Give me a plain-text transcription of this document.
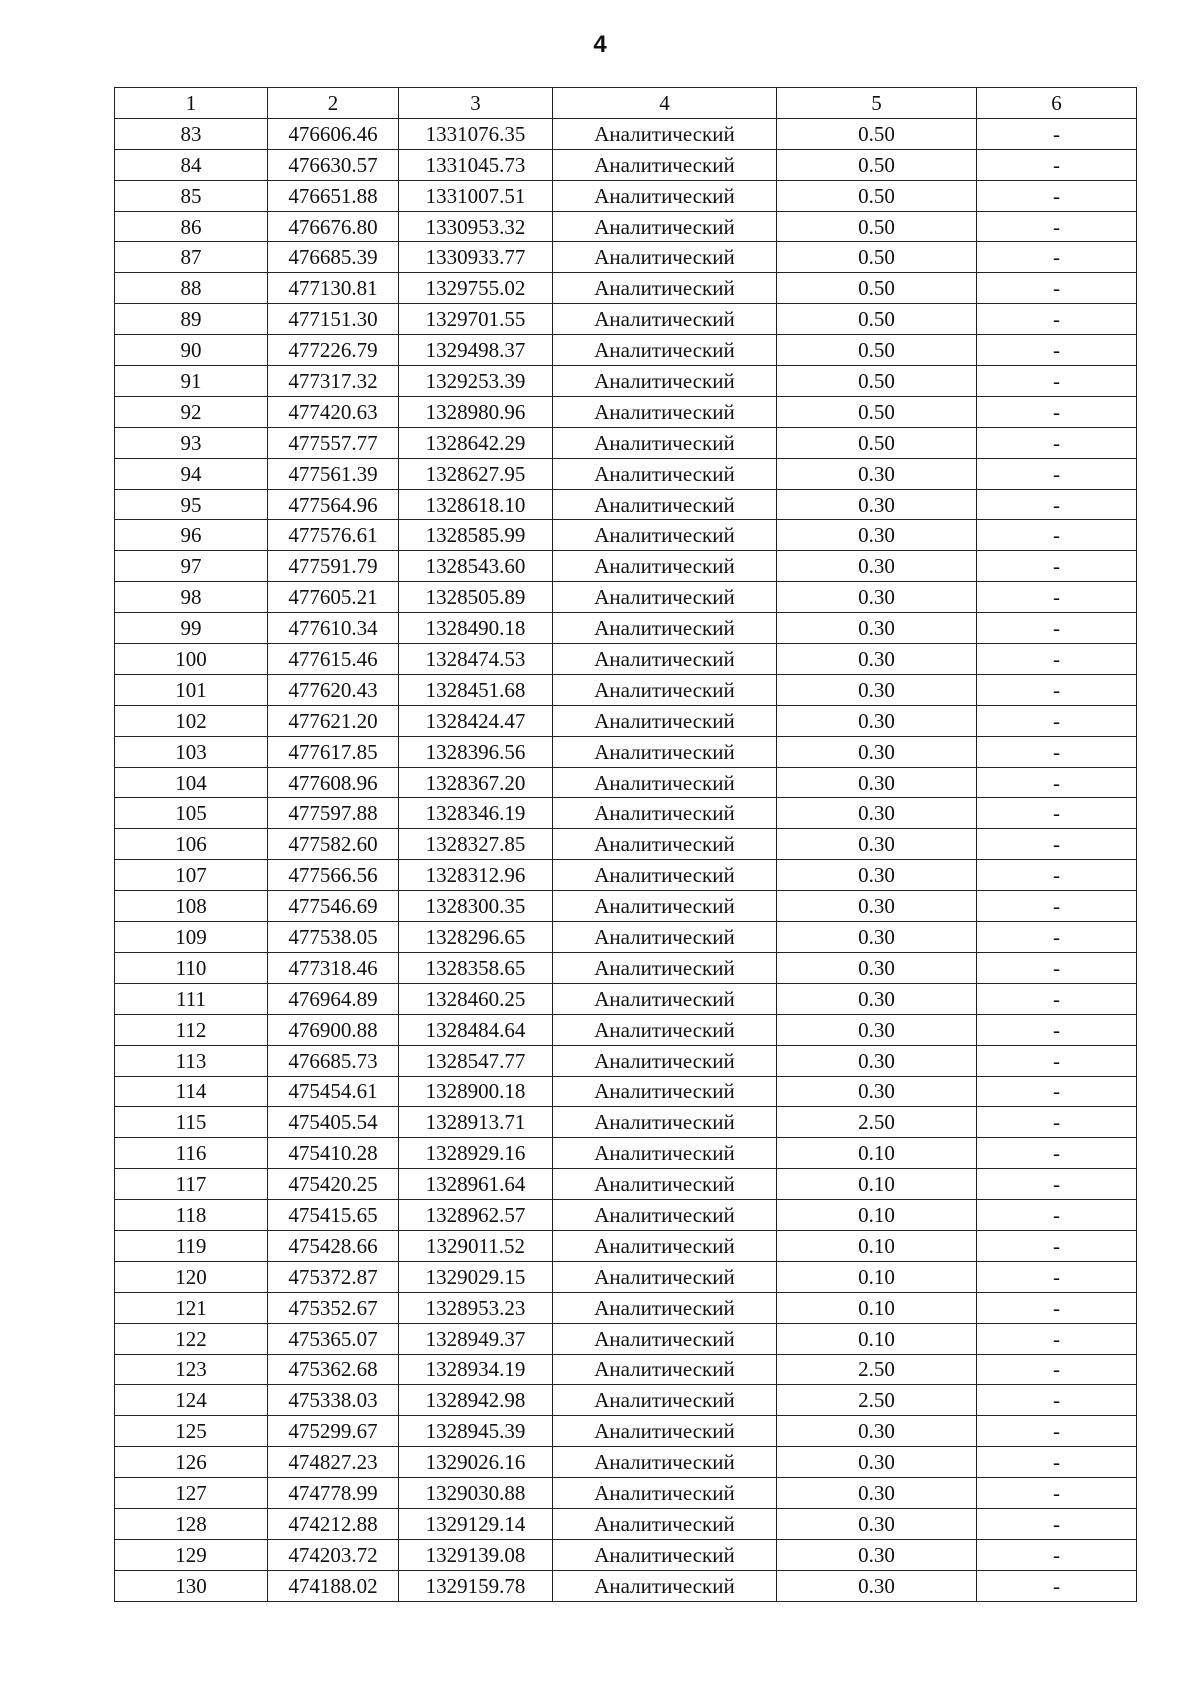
4
1	2	3	4	5	6
83	476606.46	1331076.35	Аналитический	0.50	-
84	476630.57	1331045.73	Аналитический	0.50	-
85	476651.88	1331007.51	Аналитический	0.50	-
86	476676.80	1330953.32	Аналитический	0.50	-
87	476685.39	1330933.77	Аналитический	0.50	-
88	477130.81	1329755.02	Аналитический	0.50	-
89	477151.30	1329701.55	Аналитический	0.50	-
90	477226.79	1329498.37	Аналитический	0.50	-
91	477317.32	1329253.39	Аналитический	0.50	-
92	477420.63	1328980.96	Аналитический	0.50	-
93	477557.77	1328642.29	Аналитический	0.50	-
94	477561.39	1328627.95	Аналитический	0.30	-
95	477564.96	1328618.10	Аналитический	0.30	-
96	477576.61	1328585.99	Аналитический	0.30	-
97	477591.79	1328543.60	Аналитический	0.30	-
98	477605.21	1328505.89	Аналитический	0.30	-
99	477610.34	1328490.18	Аналитический	0.30	-
100	477615.46	1328474.53	Аналитический	0.30	-
101	477620.43	1328451.68	Аналитический	0.30	-
102	477621.20	1328424.47	Аналитический	0.30	-
103	477617.85	1328396.56	Аналитический	0.30	-
104	477608.96	1328367.20	Аналитический	0.30	-
105	477597.88	1328346.19	Аналитический	0.30	-
106	477582.60	1328327.85	Аналитический	0.30	-
107	477566.56	1328312.96	Аналитический	0.30	-
108	477546.69	1328300.35	Аналитический	0.30	-
109	477538.05	1328296.65	Аналитический	0.30	-
110	477318.46	1328358.65	Аналитический	0.30	-
111	476964.89	1328460.25	Аналитический	0.30	-
112	476900.88	1328484.64	Аналитический	0.30	-
113	476685.73	1328547.77	Аналитический	0.30	-
114	475454.61	1328900.18	Аналитический	0.30	-
115	475405.54	1328913.71	Аналитический	2.50	-
116	475410.28	1328929.16	Аналитический	0.10	-
117	475420.25	1328961.64	Аналитический	0.10	-
118	475415.65	1328962.57	Аналитический	0.10	-
119	475428.66	1329011.52	Аналитический	0.10	-
120	475372.87	1329029.15	Аналитический	0.10	-
121	475352.67	1328953.23	Аналитический	0.10	-
122	475365.07	1328949.37	Аналитический	0.10	-
123	475362.68	1328934.19	Аналитический	2.50	-
124	475338.03	1328942.98	Аналитический	2.50	-
125	475299.67	1328945.39	Аналитический	0.30	-
126	474827.23	1329026.16	Аналитический	0.30	-
127	474778.99	1329030.88	Аналитический	0.30	-
128	474212.88	1329129.14	Аналитический	0.30	-
129	474203.72	1329139.08	Аналитический	0.30	-
130	474188.02	1329159.78	Аналитический	0.30	-
